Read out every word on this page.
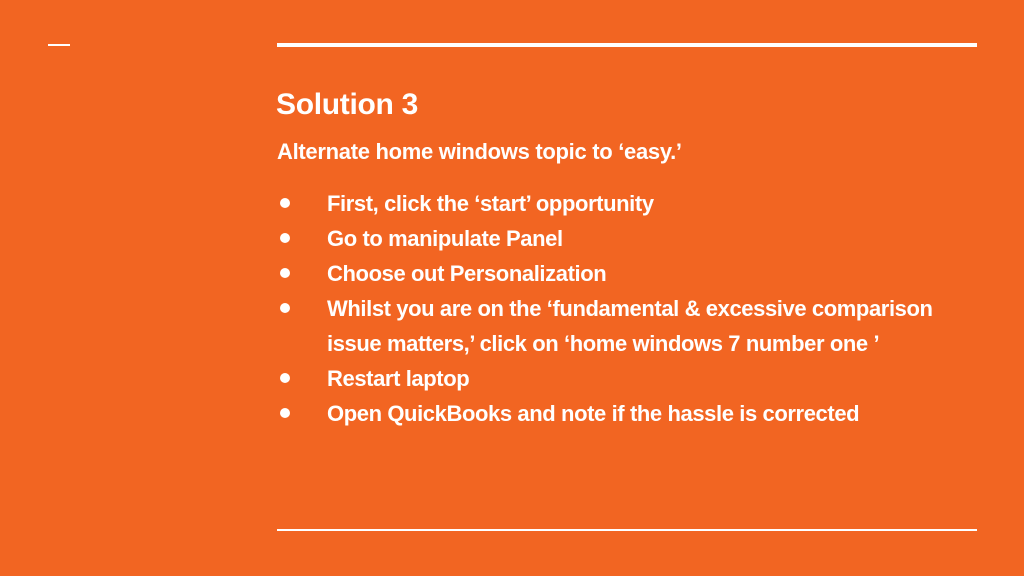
Solution 3
Alternate home windows topic to ‘easy.’
First, click the ‘start’ opportunity
Go to manipulate Panel
Choose out Personalization
Whilst you are on the ‘fundamental & excessive comparison issue matters,’ click on ‘home windows 7 number one ’
Restart laptop
Open QuickBooks and note if the hassle is corrected
